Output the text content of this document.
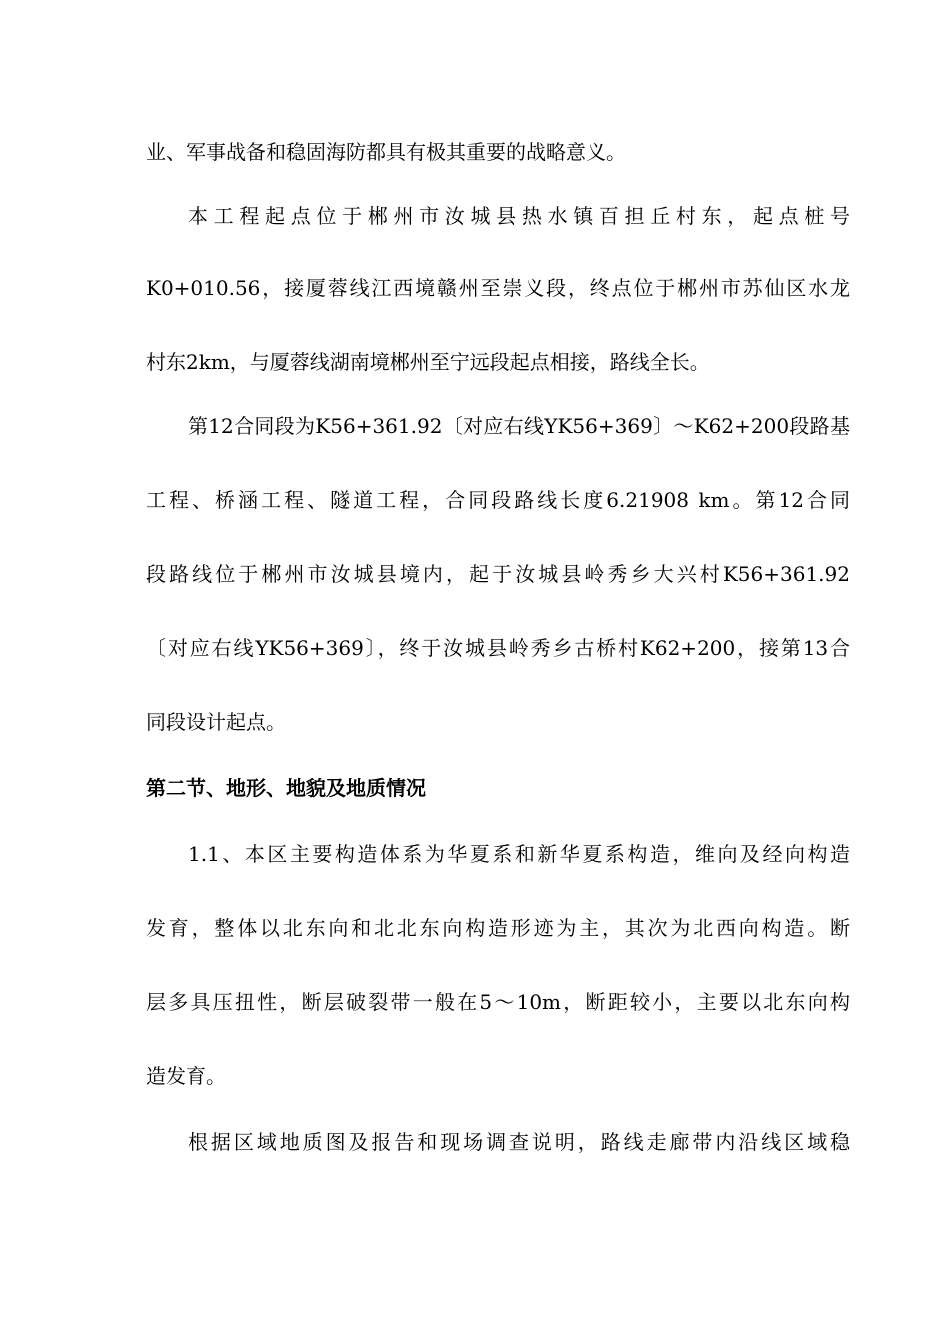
业、军事战备和稳固海防都具有极其重要的战略意义。
本工程起点位于郴州市汝城县热水镇百担丘村东，起点桩号
K0+010.56，接厦蓉线江西境赣州至崇义段，终点位于郴州市苏仙区水龙
村东2km，与厦蓉线湖南境郴州至宁远段起点相接，路线全长。
第12合同段为K56+361.92〔对应右线YK56+369〕～K62+200段路基
工程、桥涵工程、隧道工程，合同段路线长度6.21908 km。第12合同
段路线位于郴州市汝城县境内，起于汝城县岭秀乡大兴村K56+361.92
〔对应右线YK56+369〕，终于汝城县岭秀乡古桥村K62+200，接第13合
同段设计起点。
第二节、地形、地貌及地质情况
1.1、本区主要构造体系为华夏系和新华夏系构造，维向及经向构造
发育，整体以北东向和北北东向构造形迹为主，其次为北西向构造。断
层多具压扭性，断层破裂带一般在5～10m，断距较小，主要以北东向构
造发育。
根据区域地质图及报告和现场调查说明，路线走廊带内沿线区域稳
